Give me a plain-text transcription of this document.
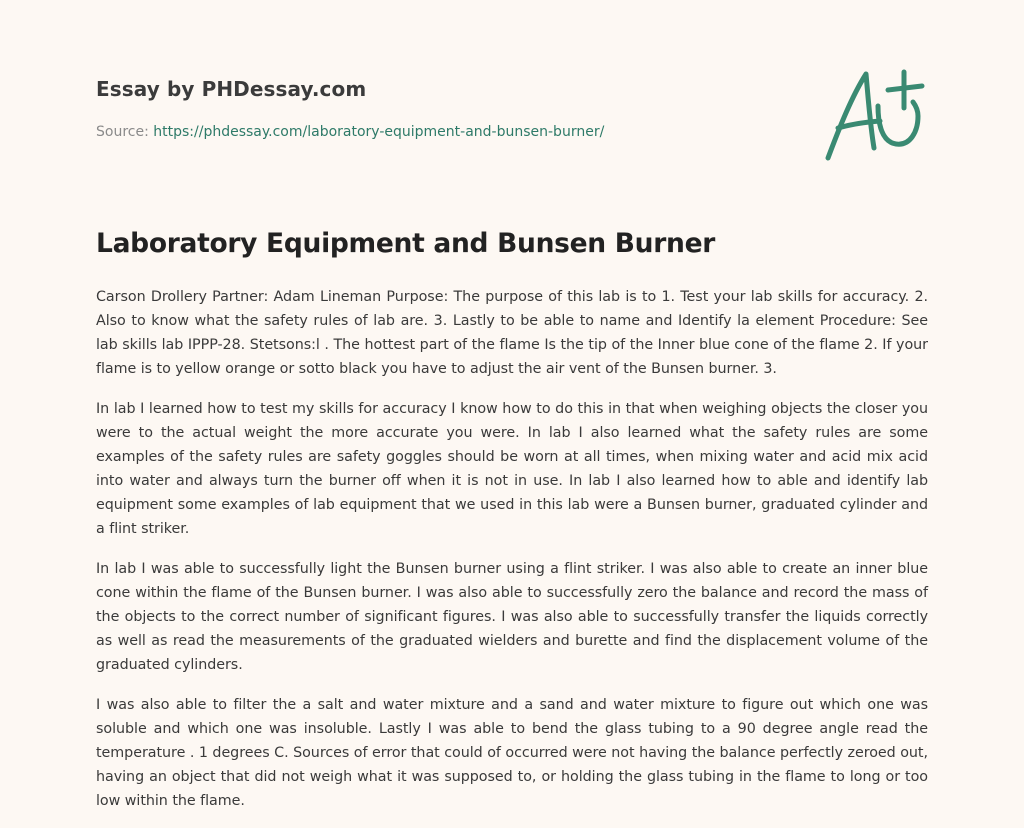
Essay by PHDessay.com
Source: https://phdessay.com/laboratory-equipment-and-bunsen-burner/
Laboratory Equipment and Bunsen Burner

Carson Drollery Partner: Adam Lineman Purpose: The purpose of this lab is to 1. Test your lab skills for accuracy. 2. Also to know what the safety rules of lab are. 3. Lastly to be able to name and Identify la element Procedure: See lab skills lab IPPP-28. Stetsons:l . The hottest part of the flame Is the tip of the Inner blue cone of the flame 2. If your flame is to yellow orange or sotto black you have to adjust the air vent of the Bunsen burner. 3.

In lab I learned how to test my skills for accuracy I know how to do this in that when weighing objects the closer you were to the actual weight the more accurate you were. In lab I also learned what the safety rules are some examples of the safety rules are safety goggles should be worn at all times, when mixing water and acid mix acid into water and always turn the burner off when it is not in use. In lab I also learned how to able and identify lab equipment some examples of lab equipment that we used in this lab were a Bunsen burner, graduated cylinder and a flint striker.

In lab I was able to successfully light the Bunsen burner using a flint striker. I was also able to create an inner blue cone within the flame of the Bunsen burner. I was also able to successfully zero the balance and record the mass of the objects to the correct number of significant figures. I was also able to successfully transfer the liquids correctly as well as read the measurements of the graduated wielders and burette and find the displacement volume of the graduated cylinders.

I was also able to filter the a salt and water mixture and a sand and water mixture to figure out which one was soluble and which one was insoluble. Lastly I was able to bend the glass tubing to a 90 degree angle read the temperature . 1 degrees C. Sources of error that could of occurred were not having the balance perfectly zeroed out, having an object that did not weigh what it was supposed to, or holding the glass tubing in the flame to long or too low within the flame.
